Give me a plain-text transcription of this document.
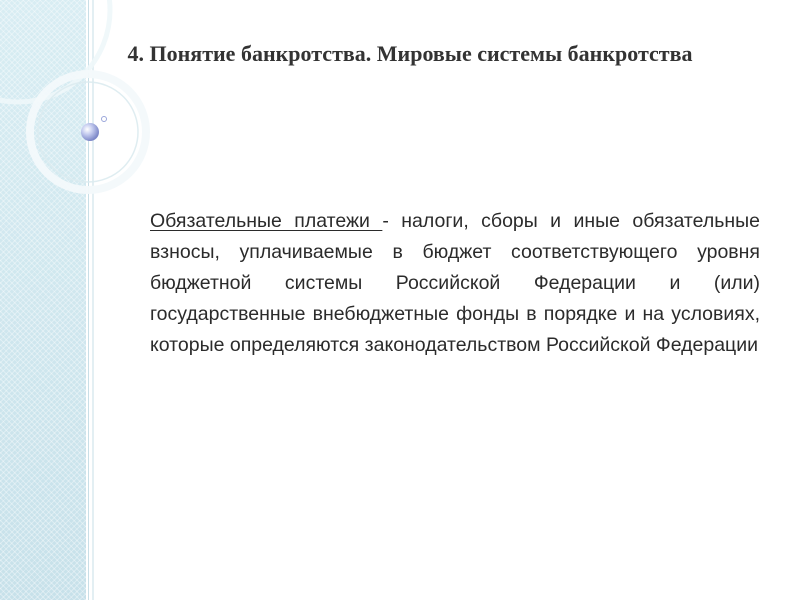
4. Понятие банкротства. Мировые системы банкротства

Обязательные платежи - налоги, сборы и иные обязательные взносы, уплачиваемые в бюджет соответствующего уровня бюджетной системы Российской Федерации и (или) государственные внебюджетные фонды в порядке и на условиях, которые определяются законодательством Российской Федерации
